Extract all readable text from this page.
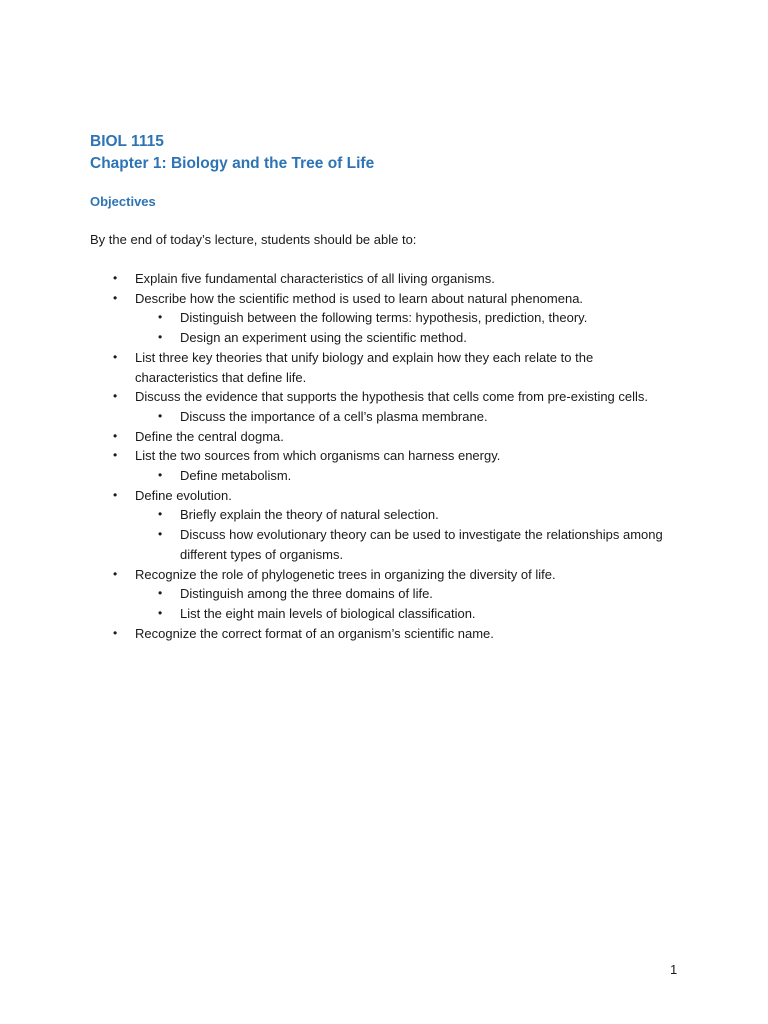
BIOL 1115
Chapter 1: Biology and the Tree of Life
Objectives

By the end of today’s lecture, students should be able to:

• Explain five fundamental characteristics of all living organisms.
• Describe how the scientific method is used to learn about natural phenomena.
• Distinguish between the following terms: hypothesis, prediction, theory.
• Design an experiment using the scientific method.
• List three key theories that unify biology and explain how they each relate to the characteristics that define life.
• Discuss the evidence that supports the hypothesis that cells come from pre-existing cells.
• Discuss the importance of a cell’s plasma membrane.
• Define the central dogma.
• List the two sources from which organisms can harness energy.
• Define metabolism.
• Define evolution.
• Briefly explain the theory of natural selection.
• Discuss how evolutionary theory can be used to investigate the relationships among different types of organisms.
• Recognize the role of phylogenetic trees in organizing the diversity of life.
• Distinguish among the three domains of life.
• List the eight main levels of biological classification.
• Recognize the correct format of an organism’s scientific name.

1
